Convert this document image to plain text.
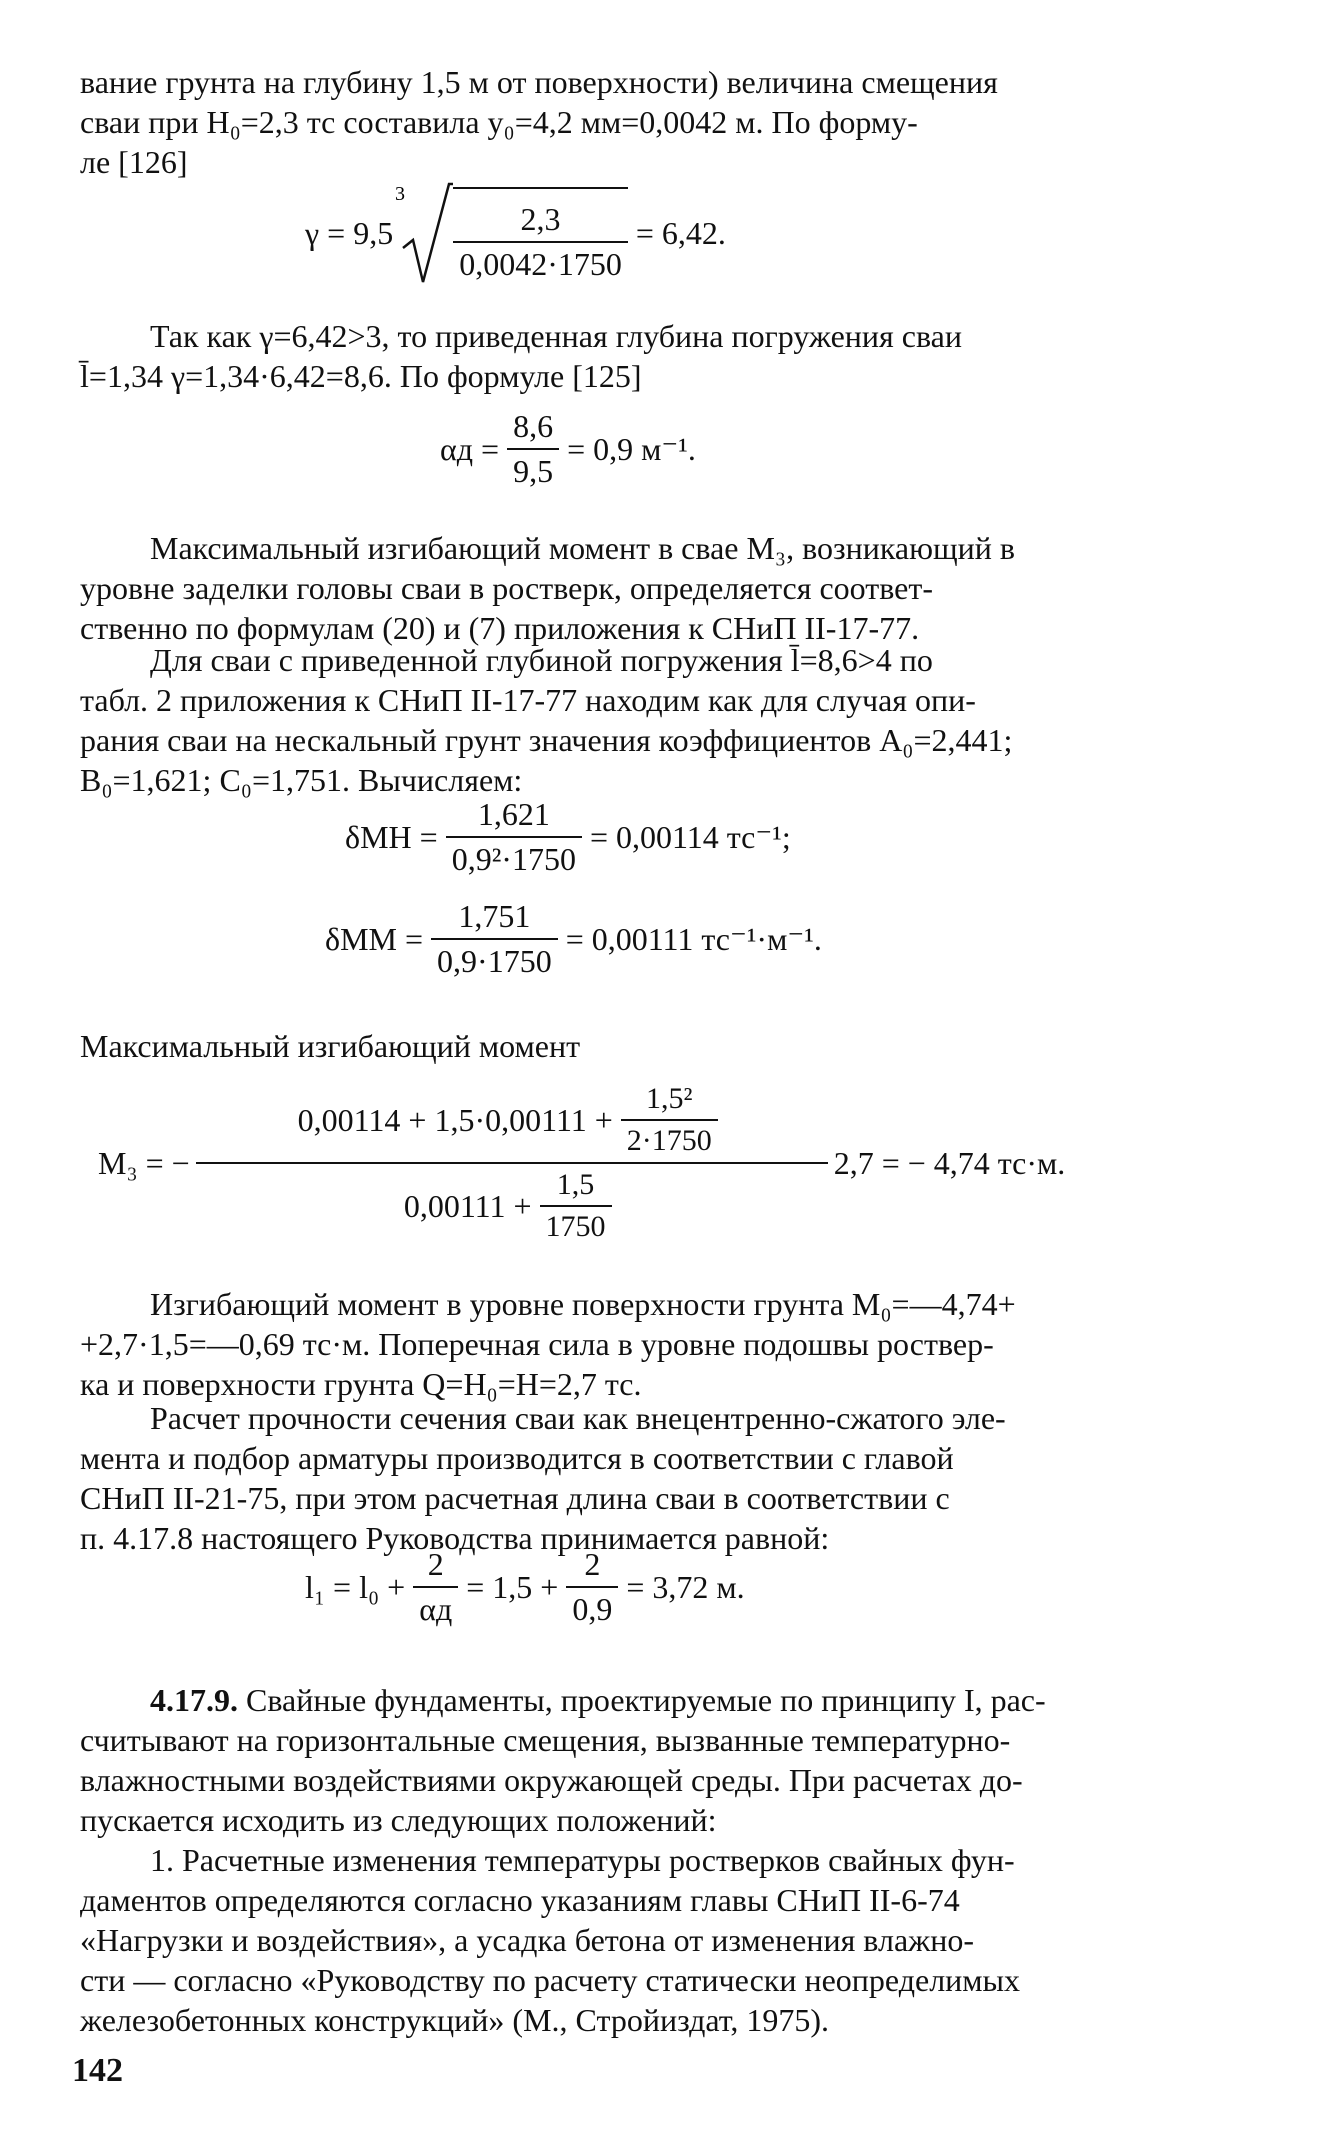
вание грунта на глубину 1,5 м от поверхности) величина смещения
сваи при H₀=2,3 тс составила y₀=4,2 мм=0,0042 м. По форму-
ле [126]
γ = 9,5
$3 \frac{2,3}{0,0042\cdot 1750} = 6,42$.
Так как γ=6,42>3, то приведенная глубина погружения сваи
l̄=1,34 γ=1,34·6,42=8,6. По формуле [125]
$\alpha д = \frac{8,6}{9,5} = 0,9$ м⁻¹.
Максимальный изгибающий момент в свае M₃, возникающий в
уровне заделки головы сваи в ростверк, определяется соответ-
ственно по формулам (20) и (7) приложения к СНиП II-17-77.
Для сваи с приведенной глубиной погружения l̄=8,6>4 по
табл. 2 приложения к СНиП II-17-77 находим как для случая опи-
рания сваи на нескальный грунт значения коэффициентов A₀=2,441;
B₀=1,621; C₀=1,751. Вычисляем:
$\delta MH = \frac{1,621}{\text{0,9²·1750}} = 0,00114$ тс⁻¹;
$\delta MM = \frac{1,751}{0,9\cdot 1750} = 0,00111$ тс⁻¹·м⁻¹.
Максимальный изгибающий момент
M₃ = −
$0,00114 + 1,5\cdot 0,00111 + \frac{\text{1,5²}}{2\cdot 1750}$
$0,00111 + \frac{1,5}{1750}$
2,7 = − 4,74 тс·м.
Изгибающий момент в уровне поверхности грунта M₀=—4,74+
+2,7·1,5=—0,69 тс·м. Поперечная сила в уровне подошвы роствер-
ка и поверхности грунта Q=H₀=H=2,7 тс.
Расчет прочности сечения сваи как внецентренно-сжатого эле-
мента и подбор арматуры производится в соответствии с главой
СНиП II-21-75, при этом расчетная длина сваи в соответствии с
п. 4.17.8 настоящего Руководства принимается равной:
$l_1 = l_0 + \frac{2}{\alpha д} = 1,5 + \frac{2}{0,9} = 3,72$ м.
4.17.9. Свайные фундаменты, проектируемые по принципу I, рас-
считывают на горизонтальные смещения, вызванные температурно-
влажностными воздействиями окружающей среды. При расчетах до-
пускается исходить из следующих положений:
1. Расчетные изменения температуры ростверков свайных фун-
даментов определяются согласно указаниям главы СНиП II-6-74
«Нагрузки и воздействия», а усадка бетона от изменения влажно-
сти — согласно «Руководству по расчету статически неопределимых
железобетонных конструкций» (М., Стройиздат, 1975).
142
